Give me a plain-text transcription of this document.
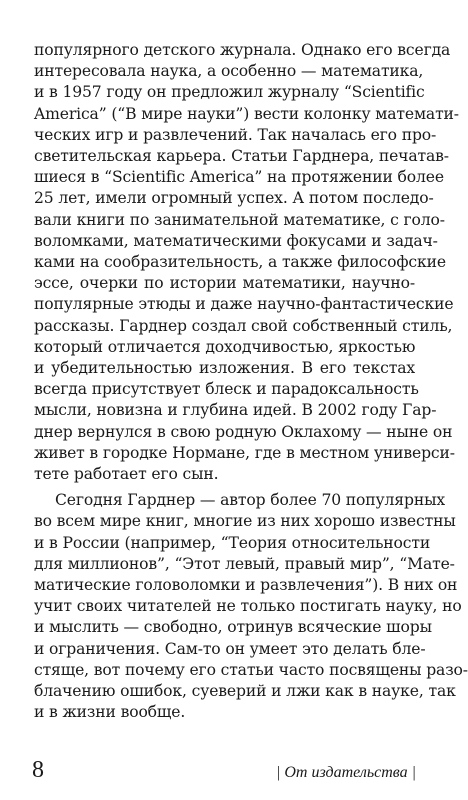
популярного детского журнала. Однако его всегда
интересовала наука, а особенно — математика,
и в 1957 году он предложил журналу “Scientific
America” (“В мире науки”) вести колонку математи-
ческих игр и развлечений. Так началась его про-
светительская карьера. Статьи Гарднера, печатав-
шиеся в “Scientific America” на протяжении более
25 лет, имели огромный успех. А потом последо-
вали книги по занимательной математике, с голо-
воломками, математическими фокусами и задач-
ками на сообразительность, а также философские
эссе, очерки по истории математики, научно-
популярные этюды и даже научно-фантастические
рассказы. Гарднер создал свой собственный стиль,
который отличается доходчивостью, яркостью
и убедительностью изложения. В его текстах
всегда присутствует блеск и парадоксальность
мысли, новизна и глубина идей. В 2002 году Гар-
днер вернулся в свою родную Оклахому — ныне он
живет в городке Нормане, где в местном универси-
тете работает его сын.
Сегодня Гарднер — автор более 70 популярных
во всем мире книг, многие из них хорошо известны
и в России (например, “Теория относительности
для миллионов”, “Этот левый, правый мир”, “Мате-
матические головоломки и развлечения”). В них он
учит своих читателей не только постигать науку, но
и мыслить — свободно, отринув всяческие шоры
и ограничения. Сам-то он умеет это делать бле-
стяще, вот почему его статьи часто посвящены разо-
блачению ошибок, суеверий и лжи как в науке, так
и в жизни вообще.
8	| От издательства |
